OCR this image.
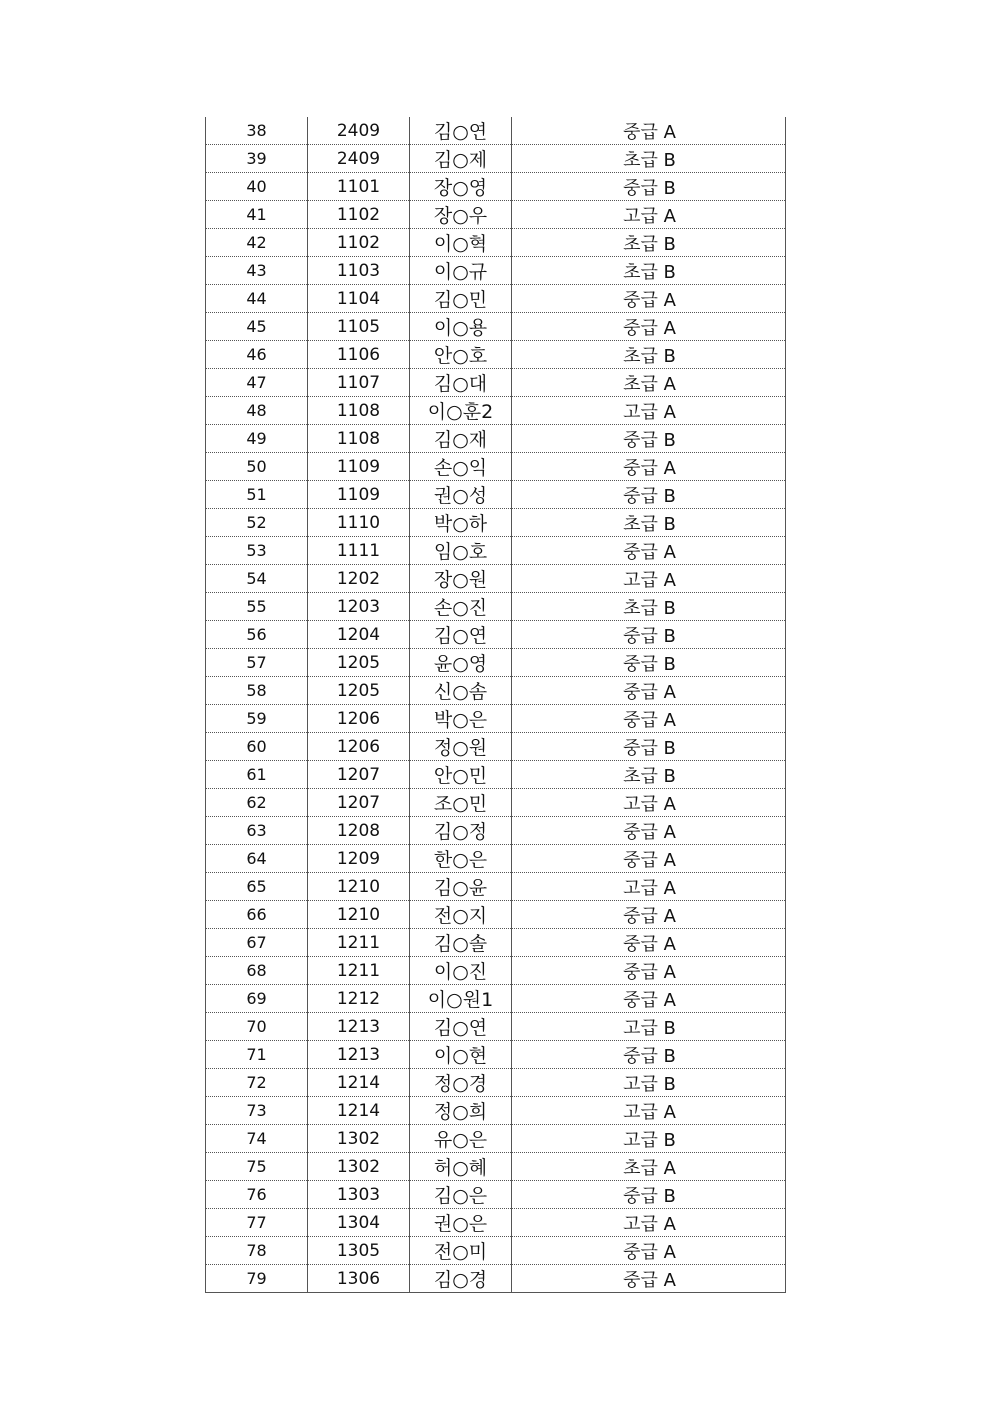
38	2409	김○연	중급 A
39	2409	김○제	초급 B
40	1101	장○영	중급 B
41	1102	장○우	고급 A
42	1102	이○혁	초급 B
43	1103	이○규	초급 B
44	1104	김○민	중급 A
45	1105	이○용	중급 A
46	1106	안○호	초급 B
47	1107	김○대	초급 A
48	1108	이○훈2	고급 A
49	1108	김○재	중급 B
50	1109	손○익	중급 A
51	1109	권○성	중급 B
52	1110	박○하	초급 B
53	1111	임○호	중급 A
54	1202	장○원	고급 A
55	1203	손○진	초급 B
56	1204	김○연	중급 B
57	1205	윤○영	중급 B
58	1205	신○솜	중급 A
59	1206	박○은	중급 A
60	1206	정○원	중급 B
61	1207	안○민	초급 B
62	1207	조○민	고급 A
63	1208	김○정	중급 A
64	1209	한○은	중급 A
65	1210	김○윤	고급 A
66	1210	전○지	중급 A
67	1211	김○솔	중급 A
68	1211	이○진	중급 A
69	1212	이○원1	중급 A
70	1213	김○연	고급 B
71	1213	이○현	중급 B
72	1214	정○경	고급 B
73	1214	정○희	고급 A
74	1302	유○은	고급 B
75	1302	허○혜	초급 A
76	1303	김○은	중급 B
77	1304	권○은	고급 A
78	1305	전○미	중급 A
79	1306	김○경	중급 A
